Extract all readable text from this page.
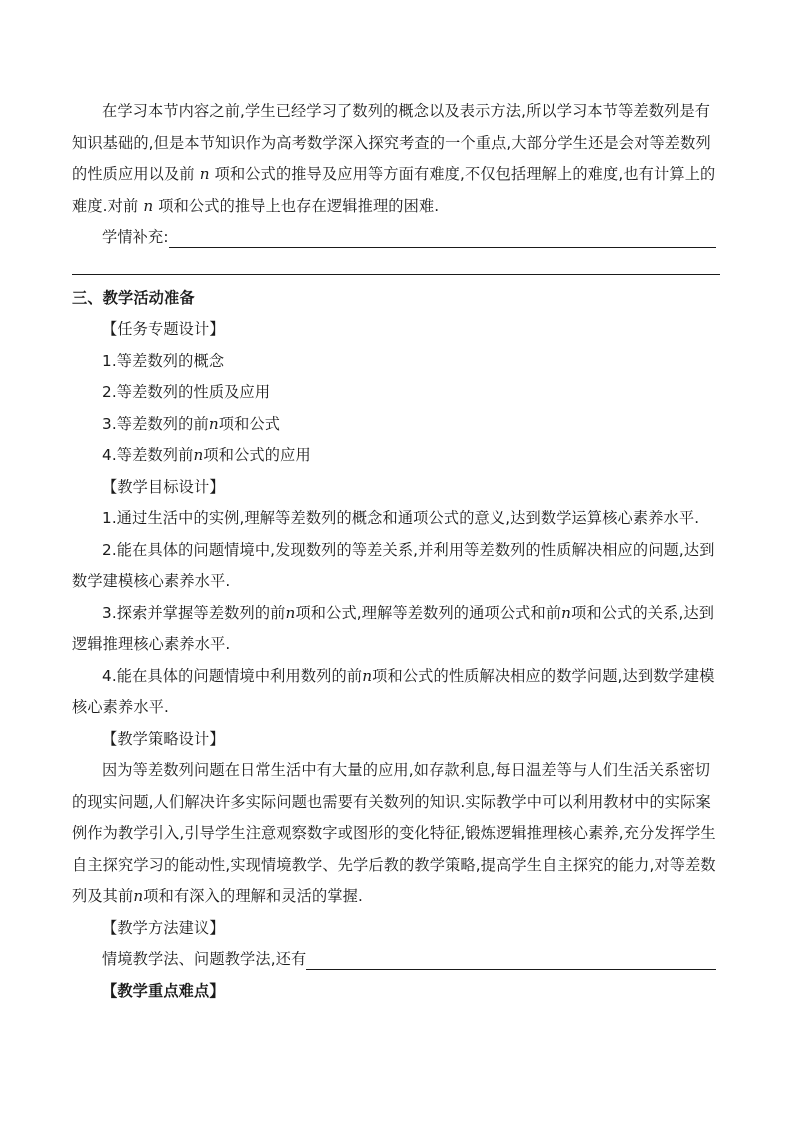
在学习本节内容之前,学生已经学习了数列的概念以及表示方法,所以学习本节等差数列是有知识基础的,但是本节知识作为高考数学深入探究考查的一个重点,大部分学生还是会对等差数列的性质应用以及前 n 项和公式的推导及应用等方面有难度,不仅包括理解上的难度,也有计算上的难度.对前 n 项和公式的推导上也存在逻辑推理的困难.

学情补充:

三、教学活动准备

【任务专题设计】

1.等差数列的概念

2.等差数列的性质及应用

3.等差数列的前n项和公式

4.等差数列前n项和公式的应用

【教学目标设计】

1.通过生活中的实例,理解等差数列的概念和通项公式的意义,达到数学运算核心素养水平.

2.能在具体的问题情境中,发现数列的等差关系,并利用等差数列的性质解决相应的问题,达到数学建模核心素养水平.

3.探索并掌握等差数列的前n项和公式,理解等差数列的通项公式和前n项和公式的关系,达到逻辑推理核心素养水平.

4.能在具体的问题情境中利用数列的前n项和公式的性质解决相应的数学问题,达到数学建模核心素养水平.

【教学策略设计】

因为等差数列问题在日常生活中有大量的应用,如存款利息,每日温差等与人们生活关系密切的现实问题,人们解决许多实际问题也需要有关数列的知识.实际教学中可以利用教材中的实际案例作为教学引入,引导学生注意观察数字或图形的变化特征,锻炼逻辑推理核心素养,充分发挥学生自主探究学习的能动性,实现情境教学、先学后教的教学策略,提高学生自主探究的能力,对等差数列及其前n项和有深入的理解和灵活的掌握.

【教学方法建议】

情境教学法、问题教学法,还有

【教学重点难点】
